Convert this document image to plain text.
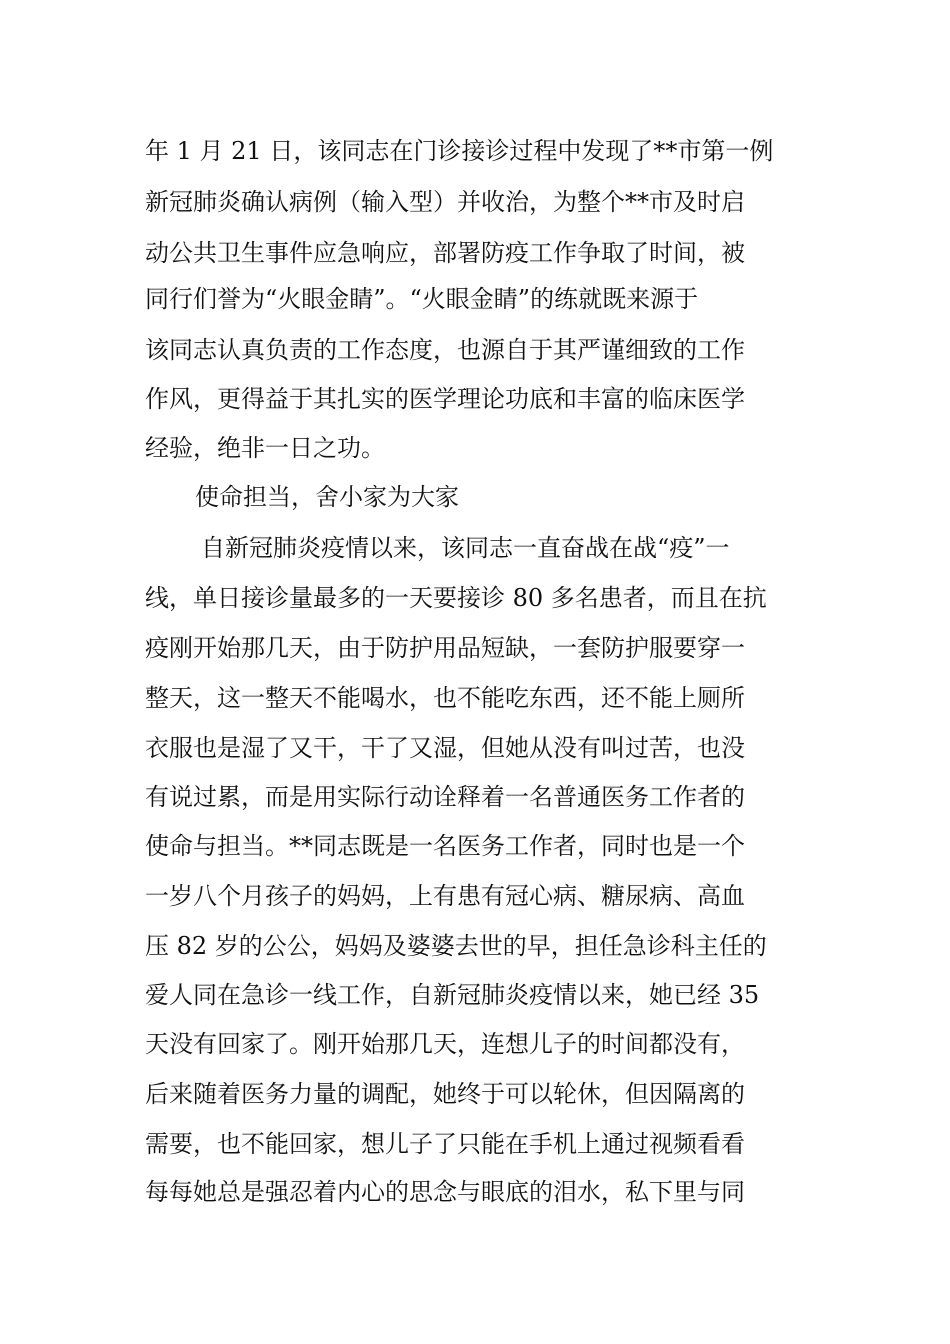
年 1 月 21 日，该同志在门诊接诊过程中发现了**市第一例
新冠肺炎确认病例（输入型）并收治，为整个**市及时启
动公共卫生事件应急响应，部署防疫工作争取了时间，被
同行们誉为“火眼金睛”。“火眼金睛”的练就既来源于
该同志认真负责的工作态度，也源自于其严谨细致的工作
作风，更得益于其扎实的医学理论功底和丰富的临床医学
经验，绝非一日之功。
使命担当，舍小家为大家
自新冠肺炎疫情以来，该同志一直奋战在战“疫”一
线，单日接诊量最多的一天要接诊 80 多名患者，而且在抗
疫刚开始那几天，由于防护用品短缺，一套防护服要穿一
整天，这一整天不能喝水，也不能吃东西，还不能上厕所
衣服也是湿了又干，干了又湿，但她从没有叫过苦，也没
有说过累，而是用实际行动诠释着一名普通医务工作者的
使命与担当。**同志既是一名医务工作者，同时也是一个
一岁八个月孩子的妈妈，上有患有冠心病、糖尿病、高血
压 82 岁的公公，妈妈及婆婆去世的早，担任急诊科主任的
爱人同在急诊一线工作，自新冠肺炎疫情以来，她已经 35
天没有回家了。刚开始那几天，连想儿子的时间都没有，
后来随着医务力量的调配，她终于可以轮休，但因隔离的
需要，也不能回家，想儿子了只能在手机上通过视频看看
每每她总是强忍着内心的思念与眼底的泪水，私下里与同
